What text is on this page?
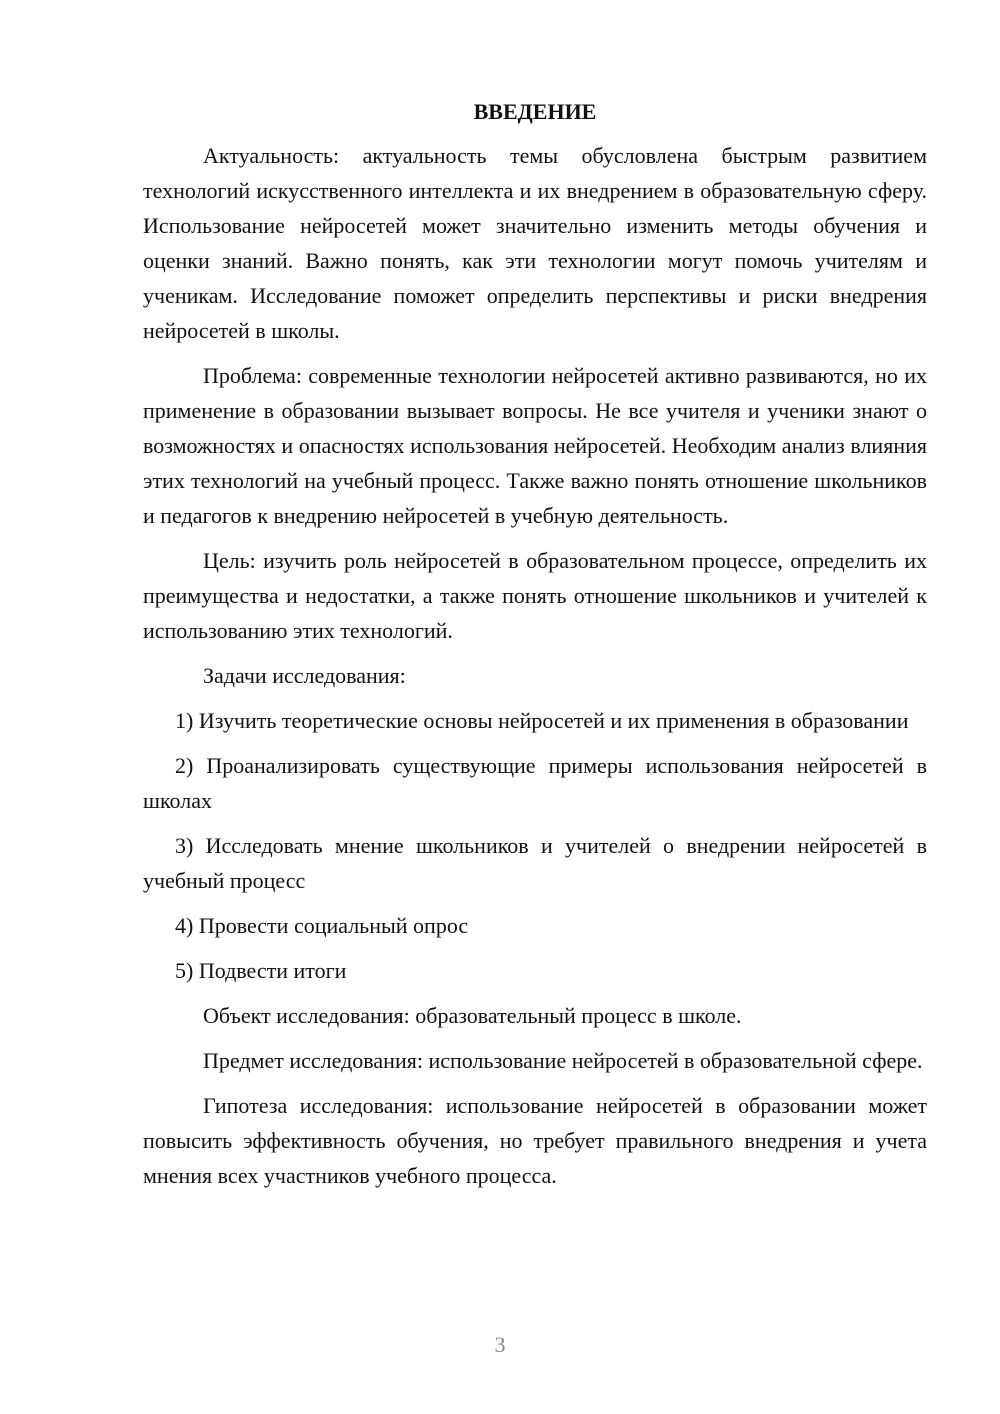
ВВЕДЕНИЕ

Актуальность: актуальность темы обусловлена быстрым развитием технологий искусственного интеллекта и их внедрением в образовательную сферу. Использование нейросетей может значительно изменить методы обучения и оценки знаний. Важно понять, как эти технологии могут помочь учителям и ученикам. Исследование поможет определить перспективы и риски внедрения нейросетей в школы.

Проблема: современные технологии нейросетей активно развиваются, но их применение в образовании вызывает вопросы. Не все учителя и ученики знают о возможностях и опасностях использования нейросетей. Необходим анализ влияния этих технологий на учебный процесс. Также важно понять отношение школьников и педагогов к внедрению нейросетей в учебную деятельность.

Цель: изучить роль нейросетей в образовательном процессе, определить их преимущества и недостатки, а также понять отношение школьников и учителей к использованию этих технологий.

Задачи исследования:

1) Изучить теоретические основы нейросетей и их применения в образовании

2) Проанализировать существующие примеры использования нейросетей в школах

3) Исследовать мнение школьников и учителей о внедрении нейросетей в учебный процесс

4) Провести социальный опрос

5) Подвести итоги

Объект исследования: образовательный процесс в школе.

Предмет исследования: использование нейросетей в образовательной сфере.

Гипотеза исследования: использование нейросетей в образовании может повысить эффективность обучения, но требует правильного внедрения и учета мнения всех участников учебного процесса.

3
